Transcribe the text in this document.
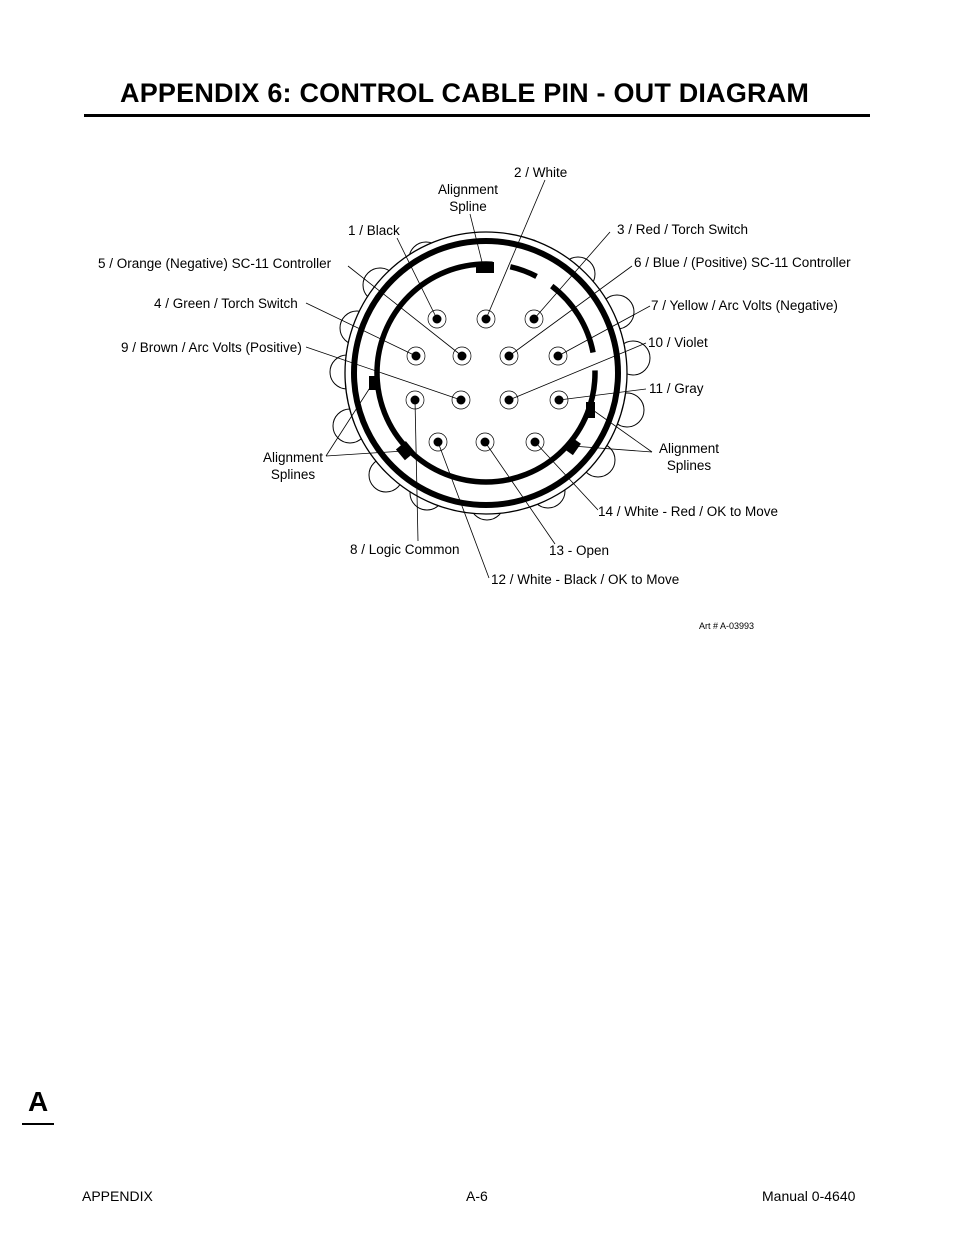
APPENDIX 6: CONTROL CABLE PIN - OUT DIAGRAM
2 / White
Alignment
Spline
1 / Black	3 / Red / Torch Switch
5 / Orange (Negative) SC-11 Controller	6 / Blue / (Positive) SC-11 Controller
4 / Green / Torch Switch	7 / Yellow / Arc Volts (Negative)
9 / Brown / Arc Volts (Positive)	10 / Violet
11 / Gray
Alignment
Splines
Alignment
Splines
14 / White - Red / OK to Move
8 / Logic Common	13 - Open
12 / White - Black / OK to Move
Art # A-03993
A
APPENDIX	A-6	Manual 0-4640
